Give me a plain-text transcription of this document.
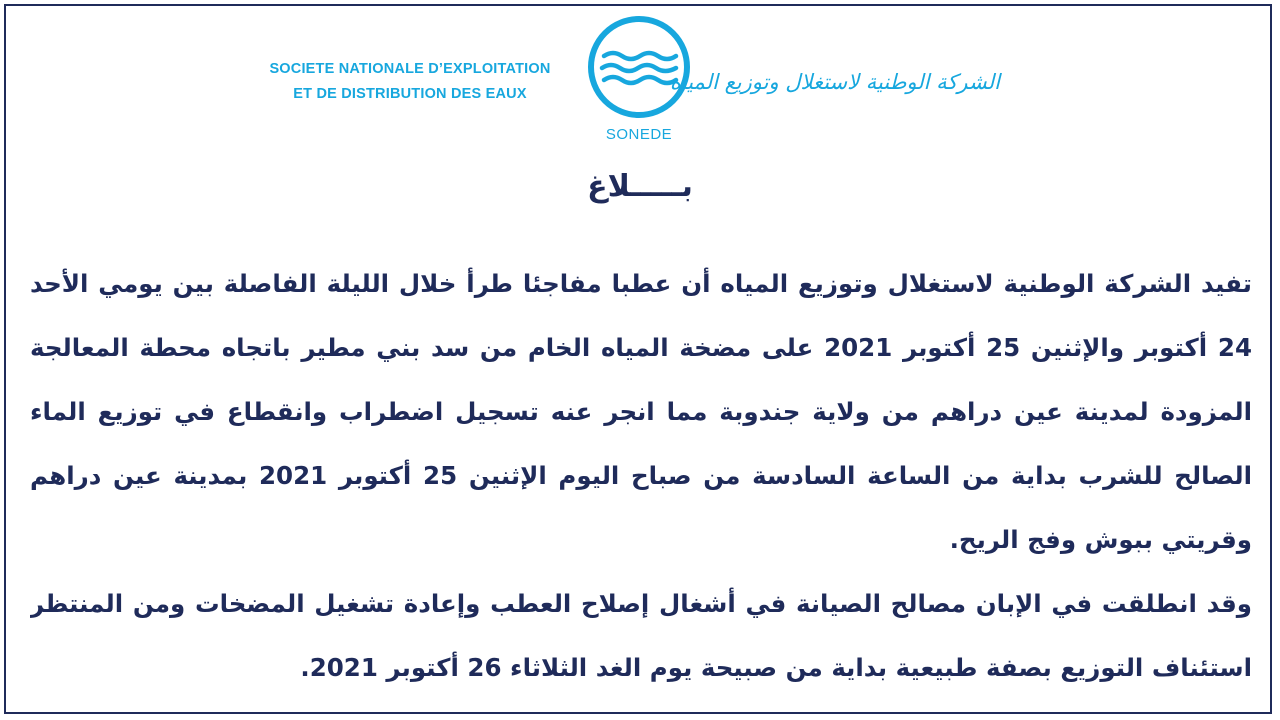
SOCIETE NATIONALE D’EXPLOITATION
ET DE DISTRIBUTION DES EAUX
SONEDE
الشركة الوطنية لاستغلال وتوزيع المياه
بـــــلاغ
تفيد الشركة الوطنية لاستغلال وتوزيع المياه أن عطبا مفاجئا طرأ خلال الليلة الفاصلة بين يومي الأحد
24 أكتوبر والإثنين 25 أكتوبر 2021 على مضخة المياه الخام من سد بني مطير باتجاه محطة المعالجة
المزودة لمدينة عين دراهم من ولاية جندوبة مما انجر عنه تسجيل اضطراب وانقطاع في توزيع الماء
الصالح للشرب بداية من الساعة السادسة من صباح اليوم الإثنين 25 أكتوبر 2021 بمدينة عين دراهم
وقريتي ببوش وفج الريح.
وقد انطلقت في الإبان مصالح الصيانة في أشغال إصلاح العطب وإعادة تشغيل المضخات ومن المنتظر
استئناف التوزيع بصفة طبيعية بداية من صبيحة يوم الغد الثلاثاء 26 أكتوبر 2021.
